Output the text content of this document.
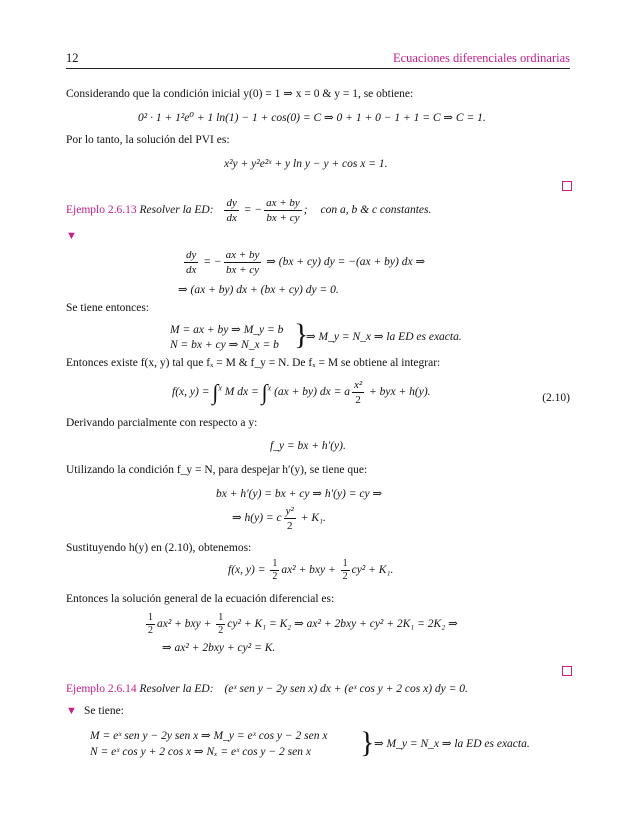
12	Ecuaciones diferenciales ordinarias
Considerando que la condición inicial y(0) = 1 ⇒ x = 0 & y = 1, se obtiene:
0² · 1 + 1²e⁰ + 1 ln(1) − 1 + cos(0) = C ⇒ 0 + 1 + 0 − 1 + 1 = C ⇒ C = 1.
Por lo tanto, la solución del PVI es:
x²y + y²e²ˣ + y ln y − y + cos x = 1.
Ejemplo 2.6.13 Resolver la ED: $\frac{dy}{dx}$ = − $\frac{ax + by}{bx + cy}$ ; con a, b & c constantes.
▼
$\frac{dy}{dx}$ = − $\frac{ax + by}{bx + cy}$ ⇒ (bx + cy) dy = −(ax + by) dx ⇒
⇒ (ax + by) dx + (bx + cy) dy = 0.
Se tiene entonces:
M = ax + by ⇒ M_y = b
N = bx + cy ⇒ N_x = b }
⇒ M_y = N_x ⇒ la ED es exacta.
Entonces existe f(x, y) tal que fₓ = M & f_y = N. De fₓ = M se obtiene al integrar:
f(x, y) = ∫$^x$ M dx = ∫$^x$ (ax + by) dx = a $\frac{\text{x²}}{2}$ + byx + h(y).	(2.10)
Derivando parcialmente con respecto a y:
f_y = bx + h′(y).
Utilizando la condición f_y = N, para despejar h′(y), se tiene que:
bx + h′(y) = bx + cy ⇒ h′(y) = cy ⇒
⇒ h(y) = c $\frac{\text{y²}}{2} + K_1$.
Sustituyendo h(y) en (2.10), obtenemos:
f(x, $y) = \frac{1}{2} ax^2$ + bxy + $\frac{1}{2} cy^2 + K_1$.
Entonces la solución general de la ecuación diferencial es:
$\frac{1}{2} ax^2$ + bxy + $\frac{1}{2} cy^2 + K_1 = K_2$ ⇒ ax² + 2bxy + cy² + 2K₁ = 2K₂ ⇒
⇒ ax² + 2bxy + cy² = K.
Ejemplo 2.6.14 Resolver la ED: (eˣ sen y − 2y sen x) dx + (eˣ cos y + 2 cos x) dy = 0.
▼ Se tiene:
M = eˣ sen y − 2y sen x ⇒ M_y = eˣ cos y − 2 sen x
N = eˣ cos y + 2 cos x ⇒ Nₓ = eˣ cos y − 2 sen x } ⇒ M_y = N_x ⇒ la ED es exacta.
